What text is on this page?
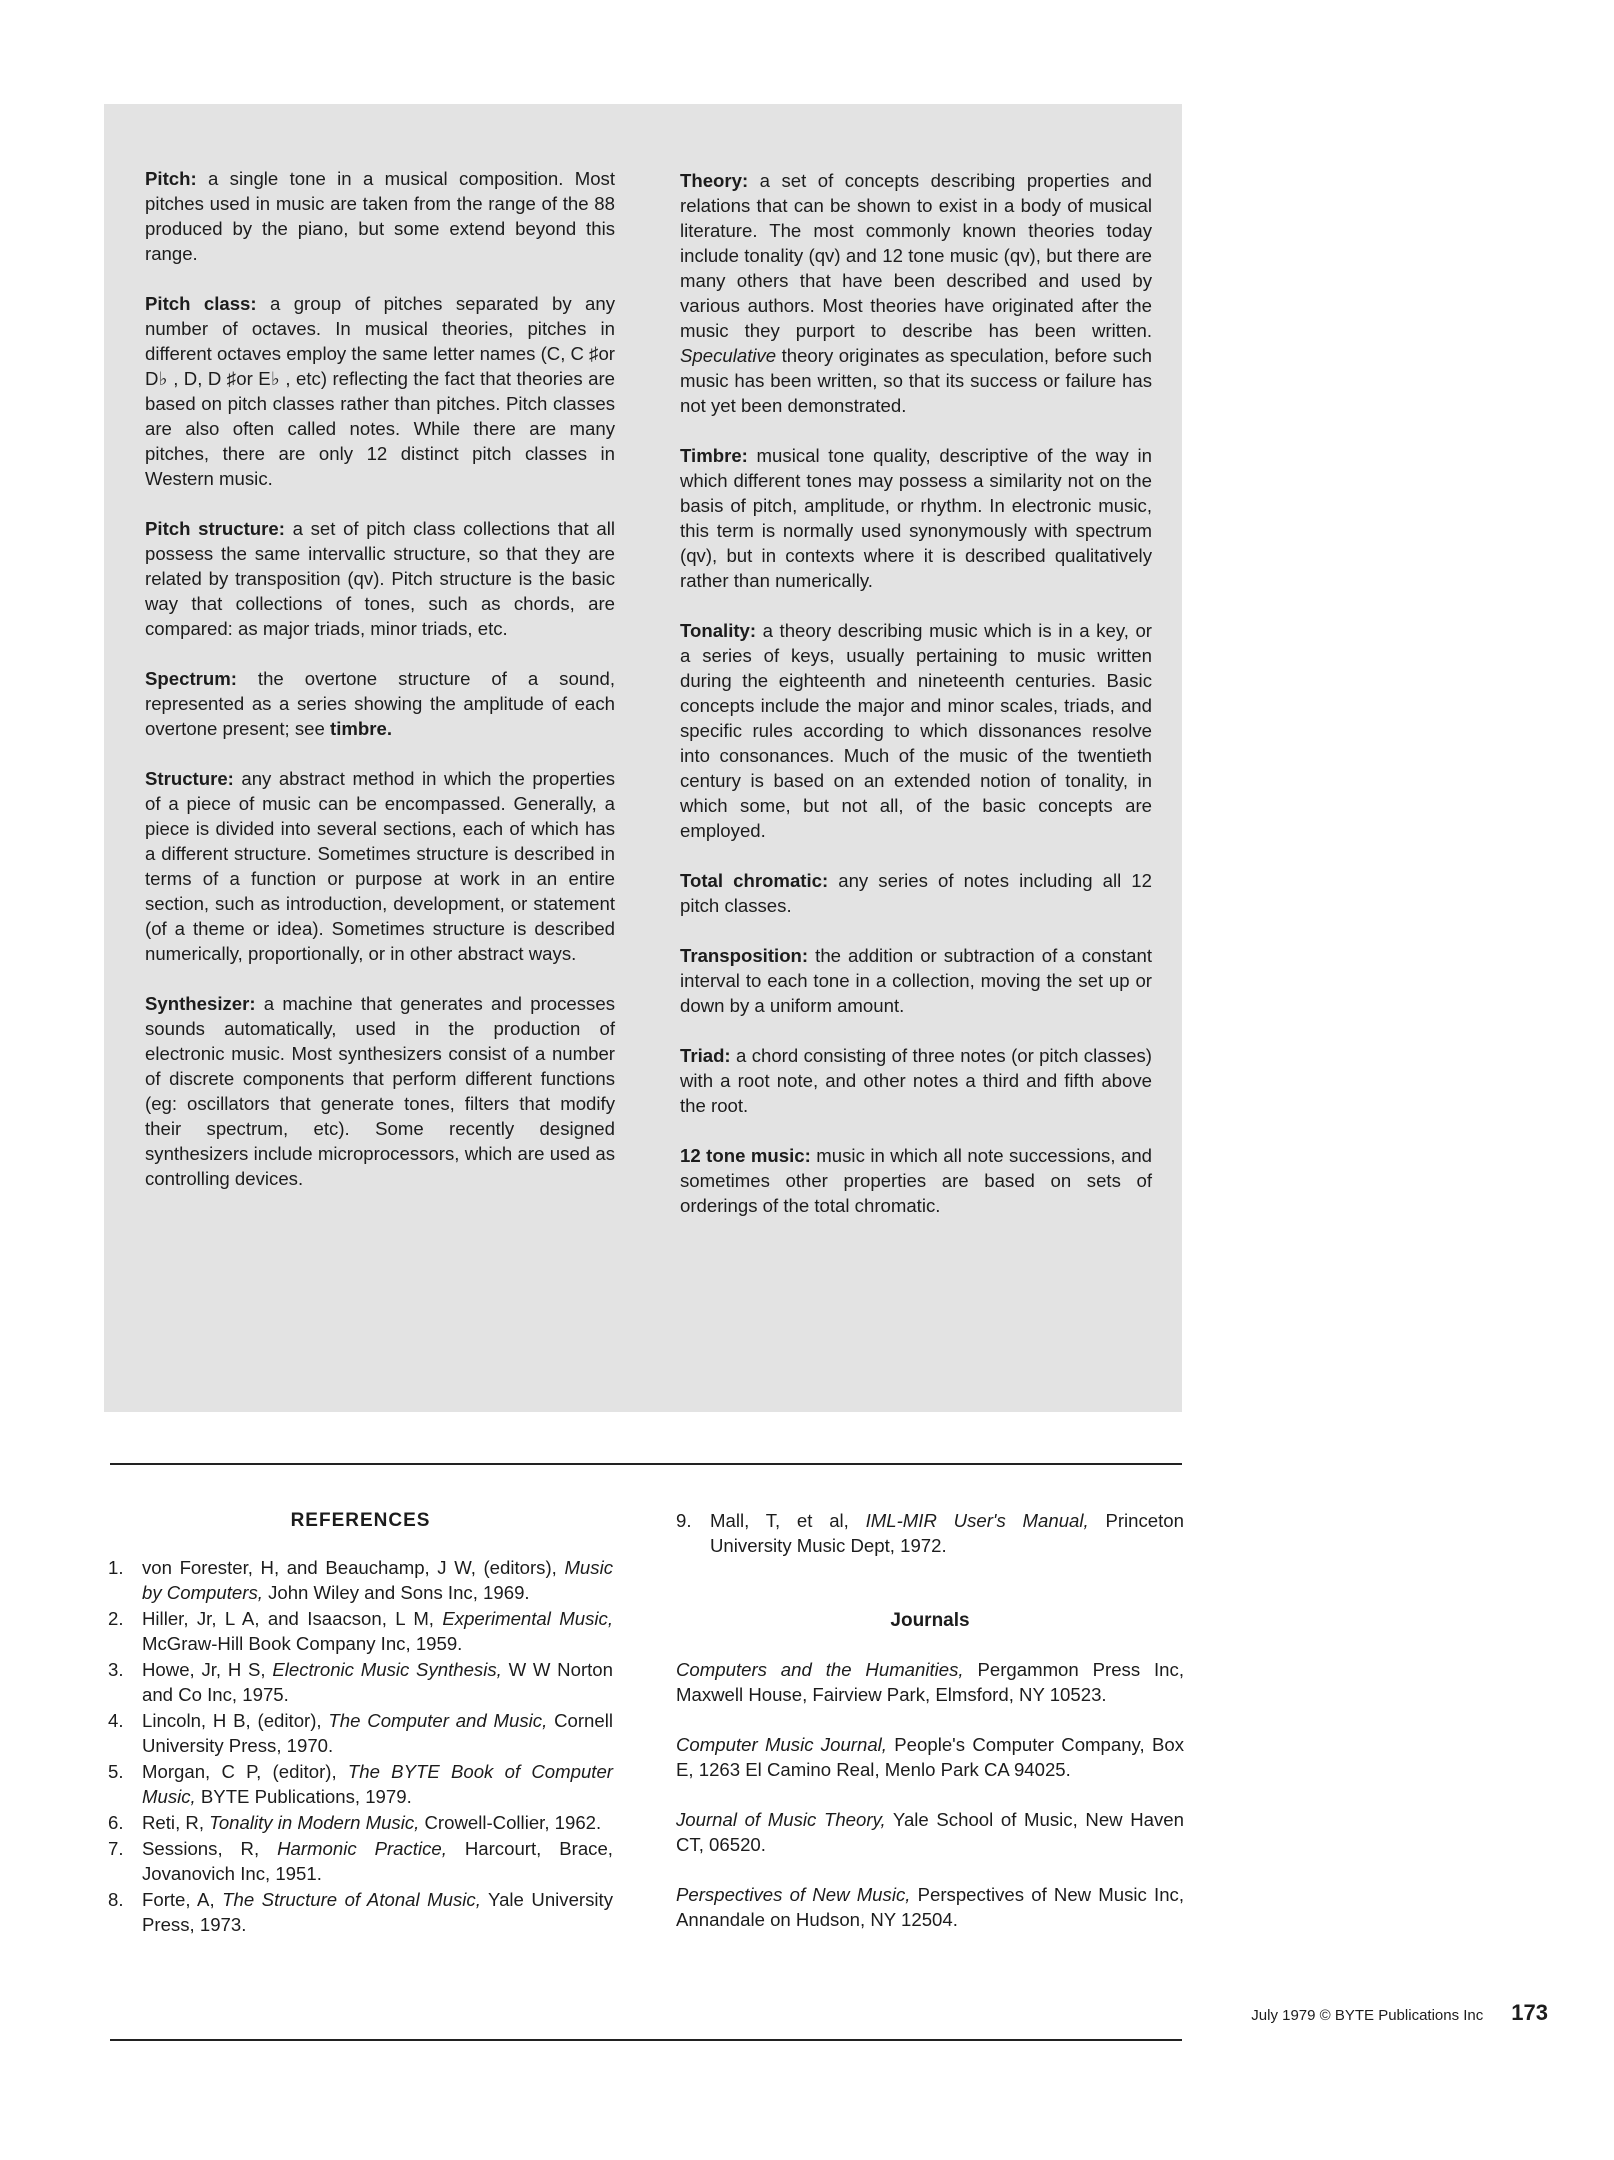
Pitch: a single tone in a musical composition. Most pitches used in music are taken from the range of the 88 produced by the piano, but some extend beyond this range.

Pitch class: a group of pitches separated by any number of octaves. In musical theories, pitches in different octaves employ the same letter names (C, C ♯or D♭ , D, D ♯or E♭ , etc) reflecting the fact that theories are based on pitch classes rather than pitches. Pitch classes are also often called notes. While there are many pitches, there are only 12 distinct pitch classes in Western music.

Pitch structure: a set of pitch class collections that all possess the same intervallic structure, so that they are related by transposition (qv). Pitch structure is the basic way that collections of tones, such as chords, are compared: as major triads, minor triads, etc.

Spectrum: the overtone structure of a sound, represented as a series showing the amplitude of each overtone present; see timbre.

Structure: any abstract method in which the properties of a piece of music can be encompassed. Generally, a piece is divided into several sections, each of which has a different structure. Sometimes structure is described in terms of a function or purpose at work in an entire section, such as introduction, development, or statement (of a theme or idea). Sometimes structure is described numerically, proportionally, or in other abstract ways.

Synthesizer: a machine that generates and processes sounds automatically, used in the production of electronic music. Most synthesizers consist of a number of discrete components that perform different functions (eg: oscillators that generate tones, filters that modify their spectrum, etc). Some recently designed synthesizers include microprocessors, which are used as controlling devices.

Theory: a set of concepts describing properties and relations that can be shown to exist in a body of musical literature. The most commonly known theories today include tonality (qv) and 12 tone music (qv), but there are many others that have been described and used by various authors. Most theories have originated after the music they purport to describe has been written. Speculative theory originates as speculation, before such music has been written, so that its success or failure has not yet been demonstrated.

Timbre: musical tone quality, descriptive of the way in which different tones may possess a similarity not on the basis of pitch, amplitude, or rhythm. In electronic music, this term is normally used synonymously with spectrum (qv), but in contexts where it is described qualitatively rather than numerically.

Tonality: a theory describing music which is in a key, or a series of keys, usually pertaining to music written during the eighteenth and nineteenth centuries. Basic concepts include the major and minor scales, triads, and specific rules according to which dissonances resolve into consonances. Much of the music of the twentieth century is based on an extended notion of tonality, in which some, but not all, of the basic concepts are employed.

Total chromatic: any series of notes including all 12 pitch classes.

Transposition: the addition or subtraction of a constant interval to each tone in a collection, moving the set up or down by a uniform amount.

Triad: a chord consisting of three notes (or pitch classes) with a root note, and other notes a third and fifth above the root.

12 tone music: music in which all note successions, and sometimes other properties are based on sets of orderings of the total chromatic.

REFERENCES
1. von Forester, H, and Beauchamp, J W, (editors), Music by Computers, John Wiley and Sons Inc, 1969.
2. Hiller, Jr, L A, and Isaacson, L M, Experimental Music, McGraw-Hill Book Company Inc, 1959.
3. Howe, Jr, H S, Electronic Music Synthesis, W W Norton and Co Inc, 1975.
4. Lincoln, H B, (editor), The Computer and Music, Cornell University Press, 1970.
5. Morgan, C P, (editor), The BYTE Book of Computer Music, BYTE Publications, 1979.
6. Reti, R, Tonality in Modern Music, Crowell-Collier, 1962.
7. Sessions, R, Harmonic Practice, Harcourt, Brace, Jovanovich Inc, 1951.
8. Forte, A, The Structure of Atonal Music, Yale University Press, 1973.
9. Mall, T, et al, IML-MIR User's Manual, Princeton University Music Dept, 1972.
Journals

Computers and the Humanities, Pergammon Press Inc, Maxwell House, Fairview Park, Elmsford, NY 10523.

Computer Music Journal, People's Computer Company, Box E, 1263 El Camino Real, Menlo Park CA 94025.

Journal of Music Theory, Yale School of Music, New Haven CT, 06520.

Perspectives of New Music, Perspectives of New Music Inc, Annandale on Hudson, NY 12504.

July 1979 © BYTE Publications Inc 173
